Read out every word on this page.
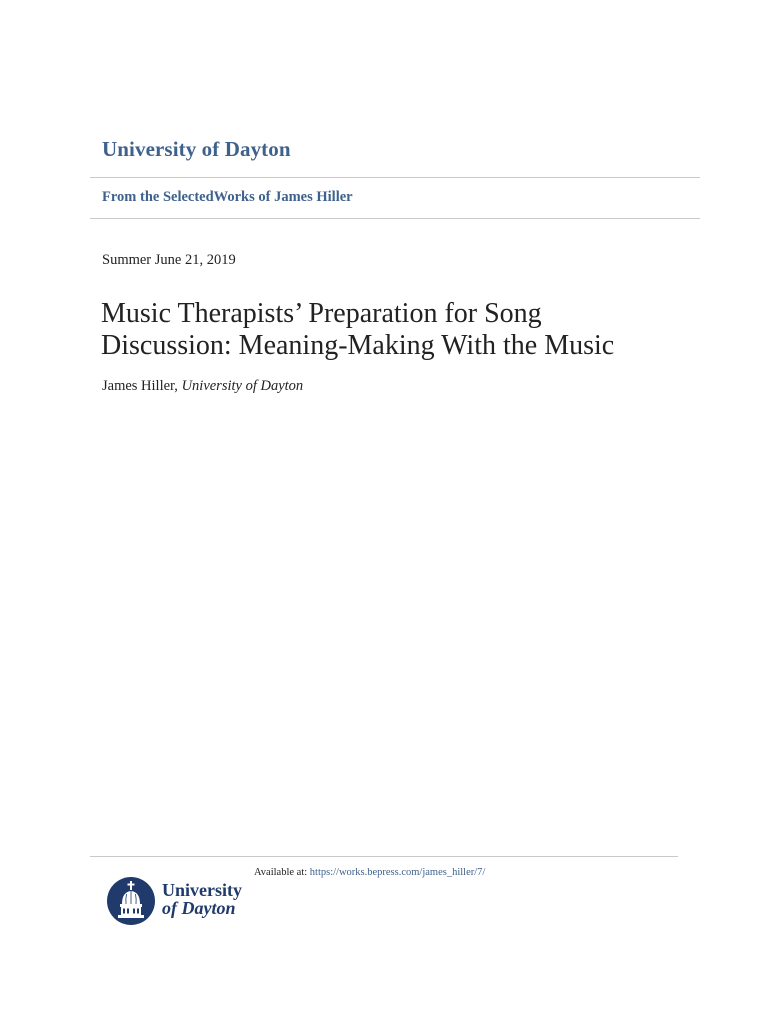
University of Dayton
From the SelectedWorks of James Hiller
Summer June 21, 2019
Music Therapists’ Preparation for Song
Discussion: Meaning-Making With the Music
James Hiller, University of Dayton
Available at: https://works.bepress.com/james_hiller/7/
University
of Dayton
